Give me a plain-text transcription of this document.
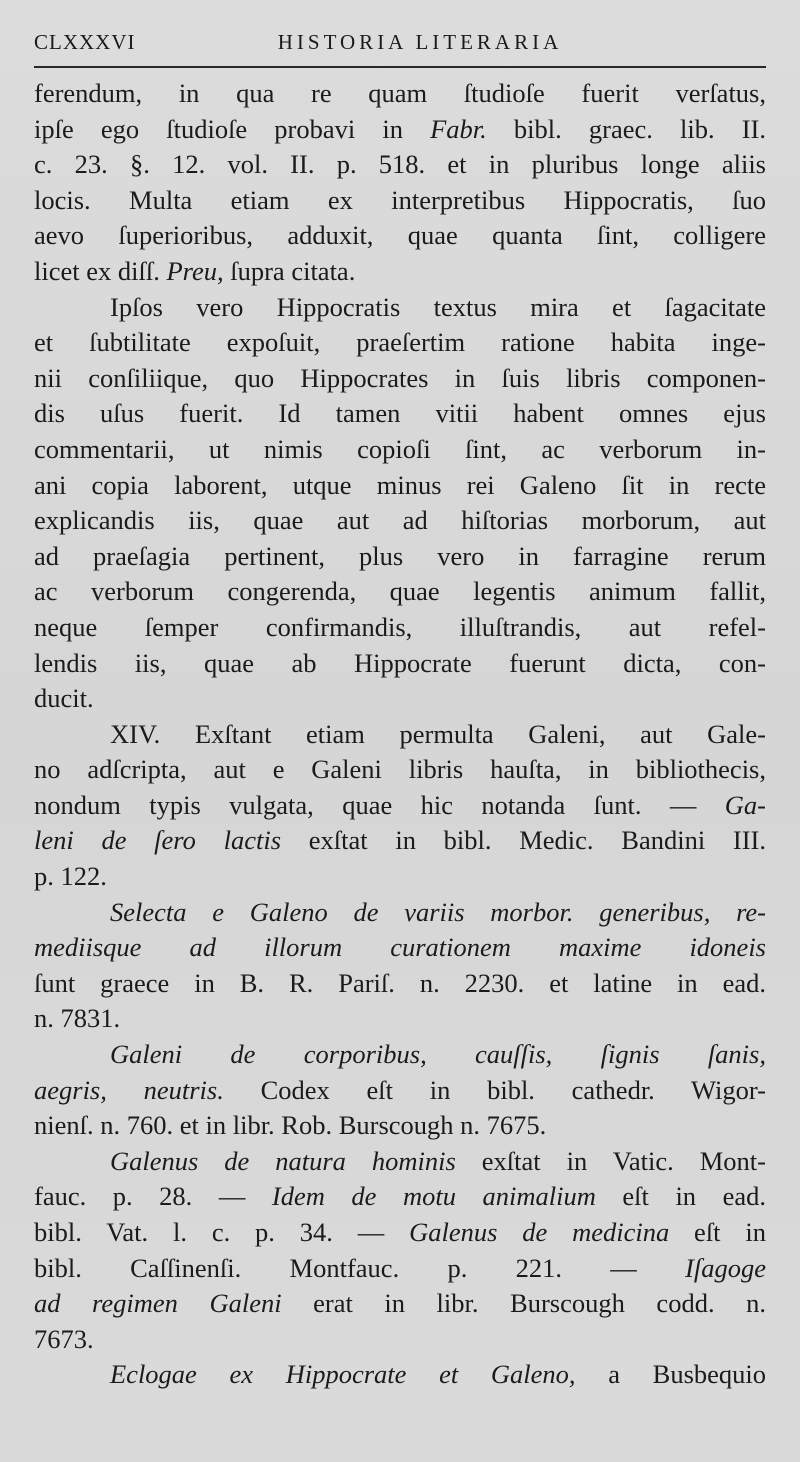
CLXXXVI	HISTORIA LITERARIA
ferendum, in qua re quam ſtudioſe fuerit verſatus,
ipſe ego ſtudioſe probavi in Fabr. bibl. graec. lib. II.
c. 23. §. 12. vol. II. p. 518. et in pluribus longe aliis
locis. Multa etiam ex interpretibus Hippocratis, ſuo
aevo ſuperioribus, adduxit, quae quanta ſint, colligere
licet ex diſſ. Preu, ſupra citata.
Ipſos vero Hippocratis textus mira et ſagacitate
et ſubtilitate expoſuit, praeſertim ratione habita inge-
nii conſiliique, quo Hippocrates in ſuis libris componen-
dis uſus fuerit. Id tamen vitii habent omnes ejus
commentarii, ut nimis copioſi ſint, ac verborum in-
ani copia laborent, utque minus rei Galeno ſit in recte
explicandis iis, quae aut ad hiſtorias morborum, aut
ad praeſagia pertinent, plus vero in farragine rerum
ac verborum congerenda, quae legentis animum fallit,
neque ſemper confirmandis, illuſtrandis, aut refel-
lendis iis, quae ab Hippocrate fuerunt dicta, con-
ducit.
XIV. Exſtant etiam permulta Galeni, aut Gale-
no adſcripta, aut e Galeni libris hauſta, in bibliothecis,
nondum typis vulgata, quae hic notanda ſunt. — Ga-
leni de ſero lactis exſtat in bibl. Medic. Bandini III.
p. 122.
Selecta e Galeno de variis morbor. generibus, re-
mediisque ad illorum curationem maxime idoneis
ſunt graece in B. R. Pariſ. n. 2230. et latine in ead.
n. 7831.
Galeni de corporibus, cauſſis, ſignis ſanis,
aegris, neutris. Codex eſt in bibl. cathedr. Wigor-
nienſ. n. 760. et in libr. Rob. Burscough n. 7675.
Galenus de natura hominis exſtat in Vatic. Mont-
fauc. p. 28. — Idem de motu animalium eſt in ead.
bibl. Vat. l. c. p. 34. — Galenus de medicina eſt in
bibl. Caſſinenſi. Montfauc. p. 221. — Iſagoge
ad regimen Galeni erat in libr. Burscough codd. n.
7673.
Eclogae ex Hippocrate et Galeno, a Busbequio
